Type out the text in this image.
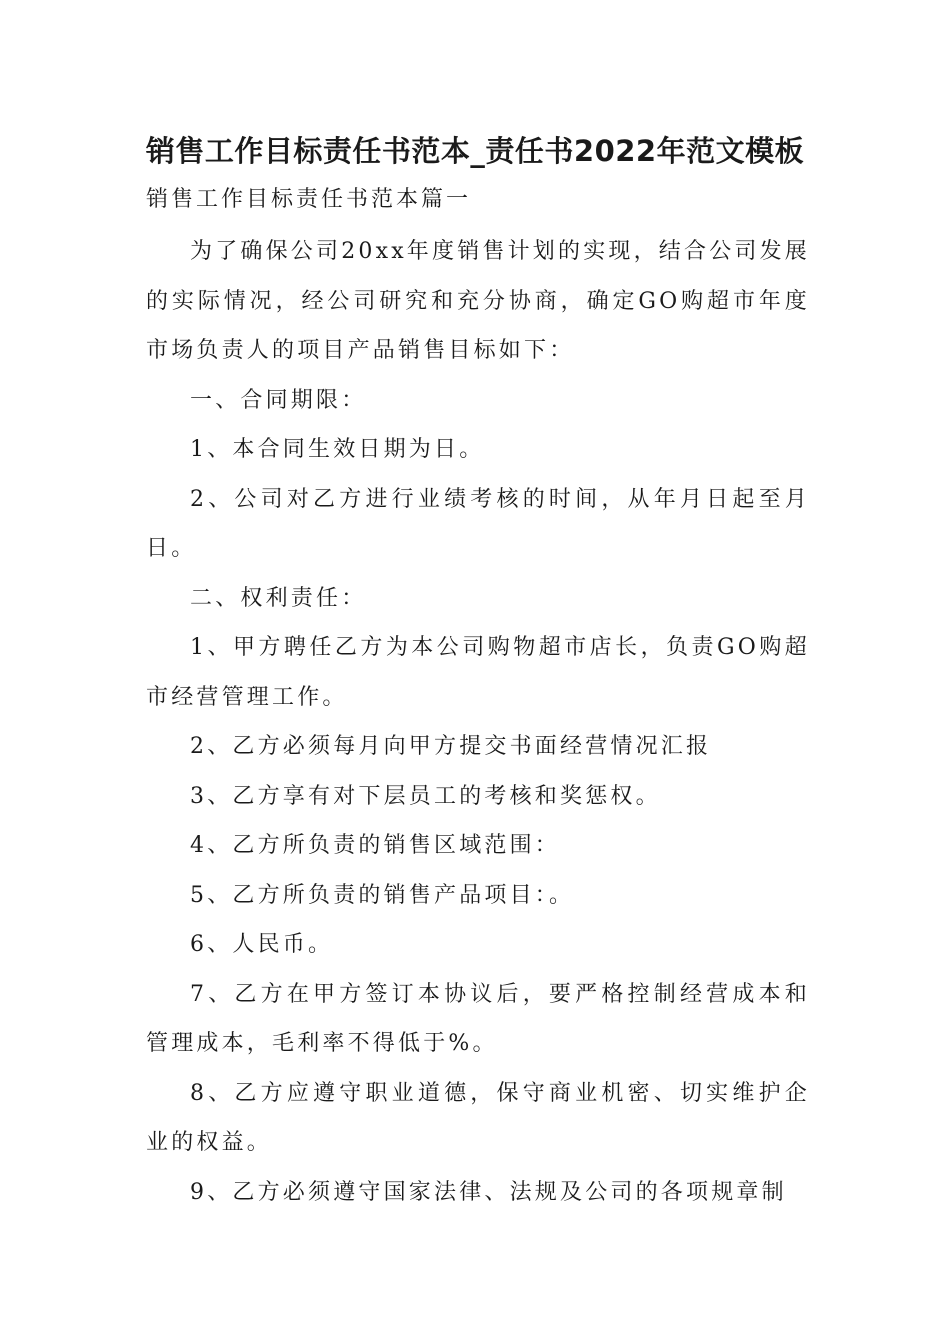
销售工作目标责任书范本_责任书2022年范文模板
销售工作目标责任书范本篇一

为了确保公司20xx年度销售计划的实现，结合公司发展的实际情况，经公司研究和充分协商，确定GO购超市年度市场负责人的项目产品销售目标如下：

一、合同期限：

1、本合同生效日期为日。

2、公司对乙方进行业绩考核的时间，从年月日起至月日。

二、权利责任：

1、甲方聘任乙方为本公司购物超市店长，负责GO购超市经营管理工作。

2、乙方必须每月向甲方提交书面经营情况汇报

3、乙方享有对下层员工的考核和奖惩权。

4、乙方所负责的销售区域范围：

5、乙方所负责的销售产品项目：。

6、人民币。

7、乙方在甲方签订本协议后，要严格控制经营成本和管理成本，毛利率不得低于%。

8、乙方应遵守职业道德，保守商业机密、切实维护企业的权益。

9、乙方必须遵守国家法律、法规及公司的各项规章制
